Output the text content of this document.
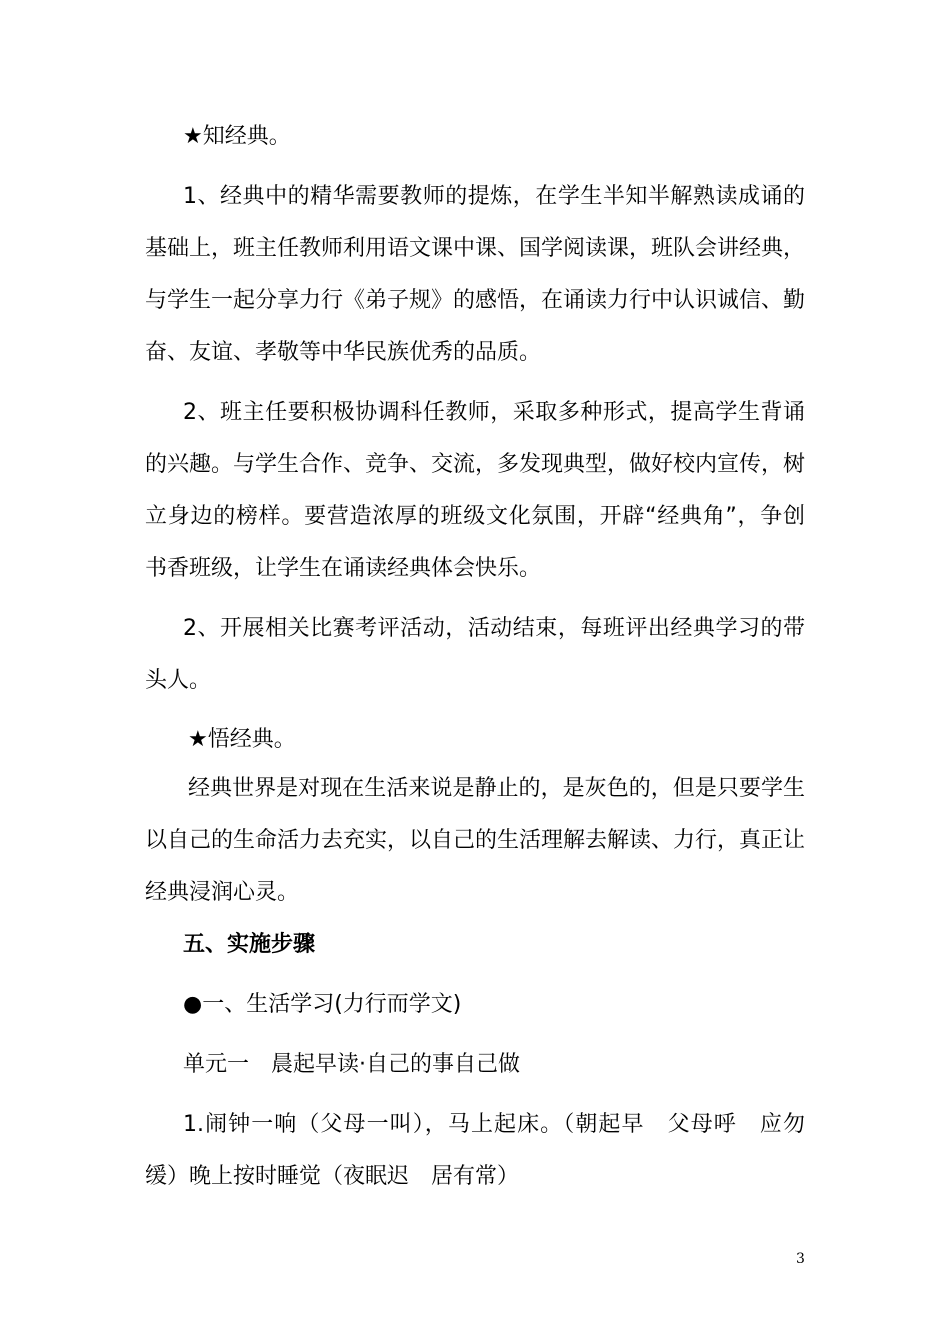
★知经典。
1、经典中的精华需要教师的提炼，在学生半知半解熟读成诵的
基础上，班主任教师利用语文课中课、国学阅读课，班队会讲经典，
与学生一起分享力行《弟子规》的感悟，在诵读力行中认识诚信、勤
奋、友谊、孝敬等中华民族优秀的品质。
2、班主任要积极协调科任教师，采取多种形式，提高学生背诵
的兴趣。与学生合作、竞争、交流，多发现典型，做好校内宣传，树
立身边的榜样。要营造浓厚的班级文化氛围，开辟“经典角”，争创
书香班级，让学生在诵读经典体会快乐。
2、开展相关比赛考评活动，活动结束，每班评出经典学习的带
头人。
★悟经典。
经典世界是对现在生活来说是静止的，是灰色的，但是只要学生
以自己的生命活力去充实，以自己的生活理解去解读、力行，真正让
经典浸润心灵。
五、实施步骤
●一、生活学习(力行而学文)
单元一　晨起早读·自己的事自己做
1.闹钟一响（父母一叫），马上起床。（朝起早　父母呼　应勿
缓）晚上按时睡觉（夜眠迟　居有常）
3
